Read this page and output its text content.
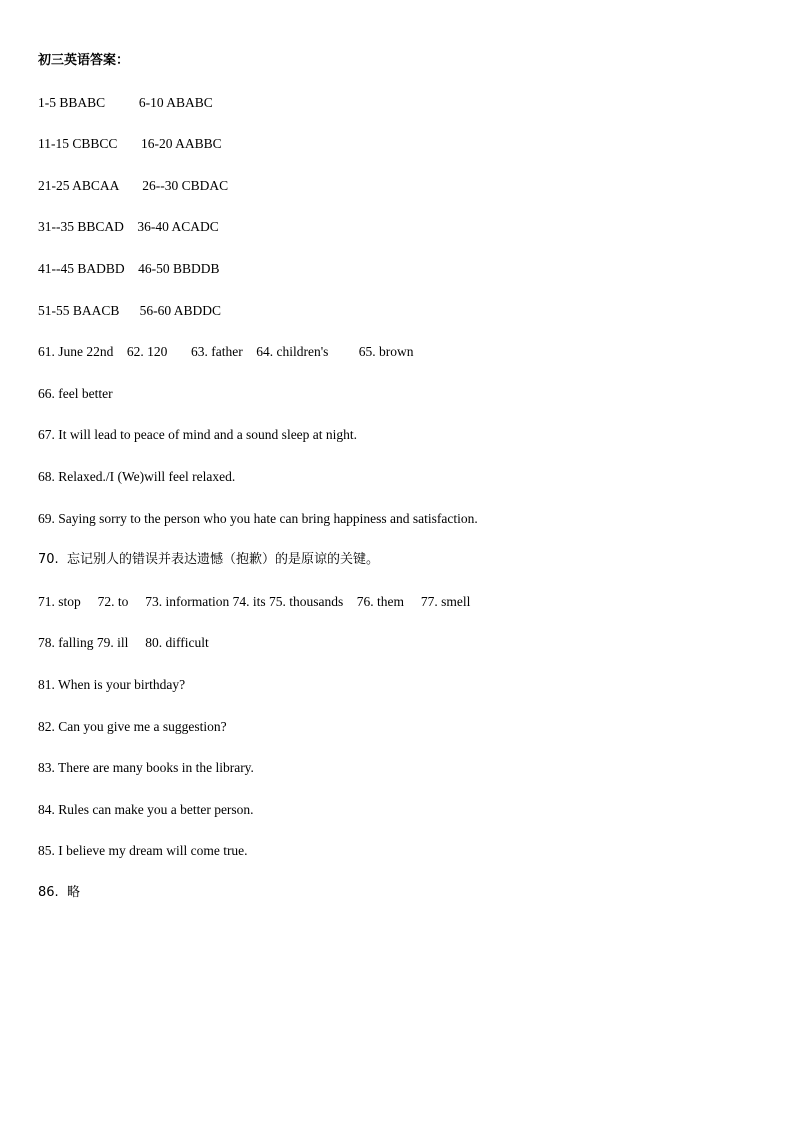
初三英语答案：
1-5 BBABC          6-10 ABABC
11-15 CBBCC       16-20 AABBC
21-25 ABCAA       26--30 CBDAC
31--35 BBCAD    36-40 ACADC
41--45 BADBD    46-50 BBDDB
51-55 BAACB      56-60 ABDDC
61. June 22nd    62. 120       63. father    64. children's         65. brown
66. feel better
67. It will lead to peace of mind and a sound sleep at night.
68. Relaxed./I (We)will feel relaxed.
69. Saying sorry to the person who you hate can bring happiness and satisfaction.
70.  忘记别人的错误并表达遗憾（抱歉）的是原谅的关键。
71. stop     72. to     73. information 74. its 75. thousands    76. them     77. smell
78. falling 79. ill     80. difficult
81. When is your birthday?
82. Can you give me a suggestion?
83. There are many books in the library.
84. Rules can make you a better person.
85. I believe my dream will come true.
86.  略
